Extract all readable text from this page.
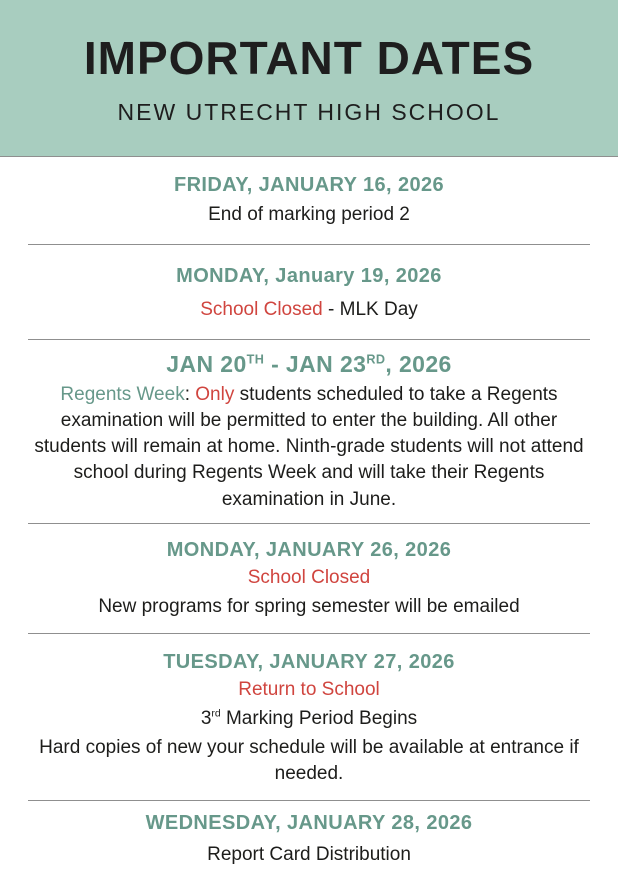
IMPORTANT DATES
NEW UTRECHT HIGH SCHOOL
FRIDAY, JANUARY 16, 2026

End of marking period 2

MONDAY, January 19, 2026

School Closed - MLK Day

JAN 20TH - JAN 23RD, 2026

Regents Week: Only students scheduled to take a Regents examination will be permitted to enter the building. All other students will remain at home. Ninth-grade students will not attend school during Regents Week and will take their Regents examination in June.

MONDAY, JANUARY 26, 2026

School Closed

New programs for spring semester will be emailed

TUESDAY, JANUARY 27, 2026

Return to School

3rd Marking Period Begins

Hard copies of new your schedule will be available at entrance if needed.

WEDNESDAY, JANUARY 28, 2026

Report Card Distribution
